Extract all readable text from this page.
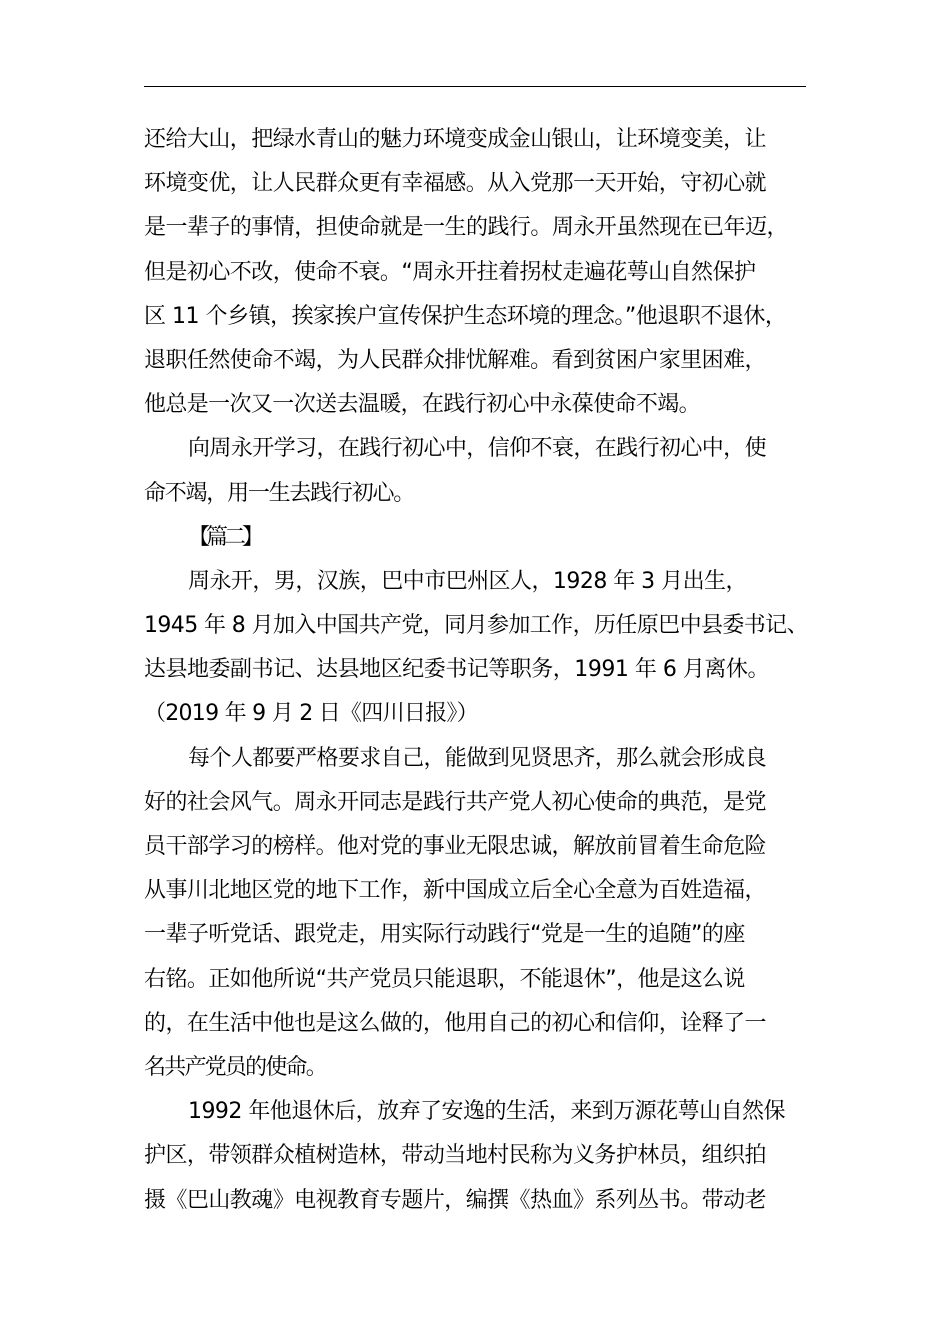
还给大山，把绿水青山的魅力环境变成金山银山，让环境变美，让
环境变优，让人民群众更有幸福感。从入党那一天开始，守初心就
是一辈子的事情，担使命就是一生的践行。周永开虽然现在已年迈，
但是初心不改，使命不衰。“周永开拄着拐杖走遍花萼山自然保护
区 11 个乡镇，挨家挨户宣传保护生态环境的理念。”他退职不退休，
退职任然使命不竭，为人民群众排忧解难。看到贫困户家里困难，
他总是一次又一次送去温暖，在践行初心中永葆使命不竭。
向周永开学习，在践行初心中，信仰不衰，在践行初心中，使
命不竭，用一生去践行初心。
【篇二】
周永开，男，汉族，巴中市巴州区人，1928 年 3 月出生，
1945 年 8 月加入中国共产党，同月参加工作，历任原巴中县委书记、
达县地委副书记、达县地区纪委书记等职务，1991 年 6 月离休。
（2019 年 9 月 2 日《四川日报》）
每个人都要严格要求自己，能做到见贤思齐，那么就会形成良
好的社会风气。周永开同志是践行共产党人初心使命的典范，是党
员干部学习的榜样。他对党的事业无限忠诚，解放前冒着生命危险
从事川北地区党的地下工作，新中国成立后全心全意为百姓造福，
一辈子听党话、跟党走，用实际行动践行“党是一生的追随”的座
右铭。正如他所说“共产党员只能退职，不能退休”，他是这么说
的，在生活中他也是这么做的，他用自己的初心和信仰，诠释了一
名共产党员的使命。
1992 年他退休后，放弃了安逸的生活，来到万源花萼山自然保
护区，带领群众植树造林，带动当地村民称为义务护林员，组织拍
摄《巴山教魂》电视教育专题片，编撰《热血》系列丛书。带动老
